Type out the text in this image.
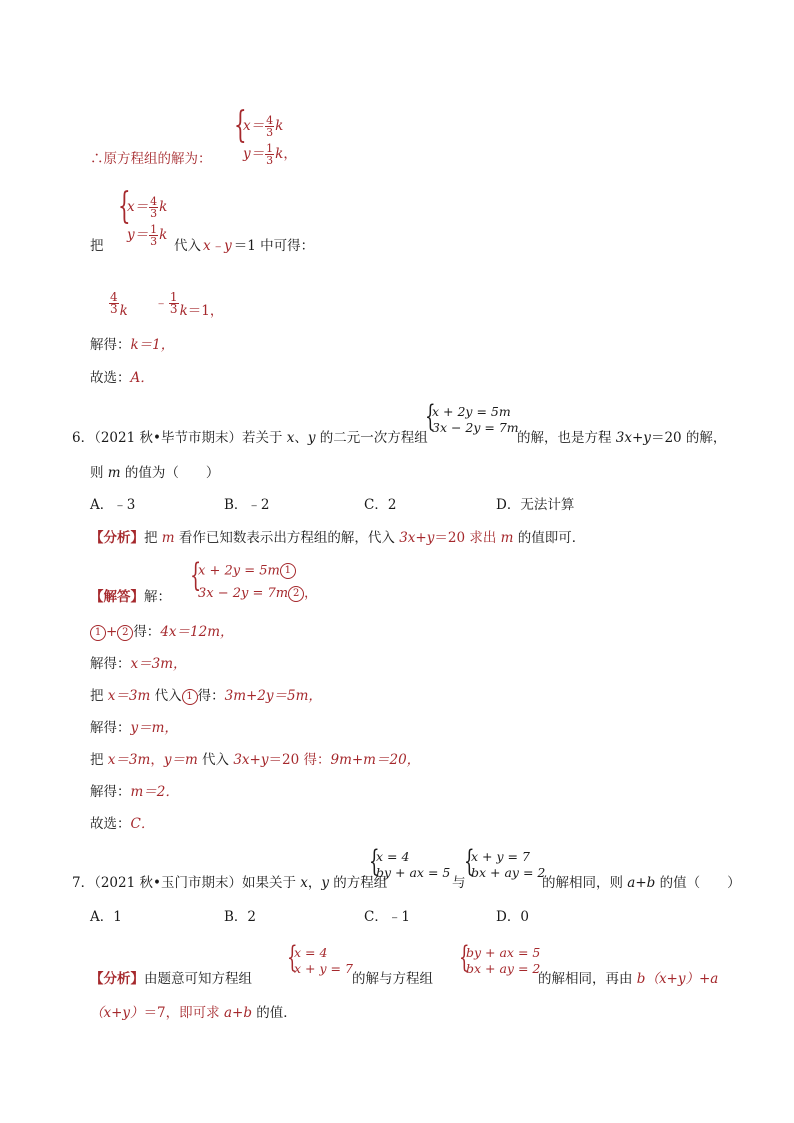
∴原方程组的解为：
{
$x= \frac{4}{3}$ k
$y= \frac{1}{3}$ k，
把
{
$x= \frac{4}{3}$ k
$y= \frac{1}{3}$ k
代入 x﹣y ＝1 中可得：
$\frac{4}{3}$ k ﹣ $\frac{1}{3} k=1$，
解得：k＝1，
故选：A．
6．（2021 秋•毕节市期末）若关于 x、y 的二元一次方程组
{
x + 2y = 5m
3x − 2y = 7m
的解，也是方程 3x+y＝20 的解，
则 m 的值为（　　）
A．﹣3	B．﹣2	C．2	D．无法计算
【分析】把 m 看作已知数表示出方程组的解，代入 3x+y＝20 求出 m 的值即可．
【解答】解：
{
x + 2y = 5m 1
3x − 2y = 7m 2 ，
1 + 2 得：4x＝12m，
解得：x＝3m，
把 x＝3m 代入 1 得：3m+2y＝5m，
解得：y＝m，
把 x＝3m，y＝m 代入 3x+y＝20 得：9m+m＝20，
解得：m＝2．
故选：C．
7．（2021 秋•玉门市期末）如果关于 x，y 的方程组
{
x = 4
by + ax = 5
与
{
x + y = 7
bx + ay = 2
的解相同，则 a+b 的值（　　）
A．1	B．2	C．﹣1	D．0
【分析】由题意可知方程组
{
x = 4
x + y = 7
的解与方程组
{
by + ax = 5
bx + ay = 2
的解相同，再由 b（x+y）+a
（x+y）＝7，即可求 a+b 的值．
